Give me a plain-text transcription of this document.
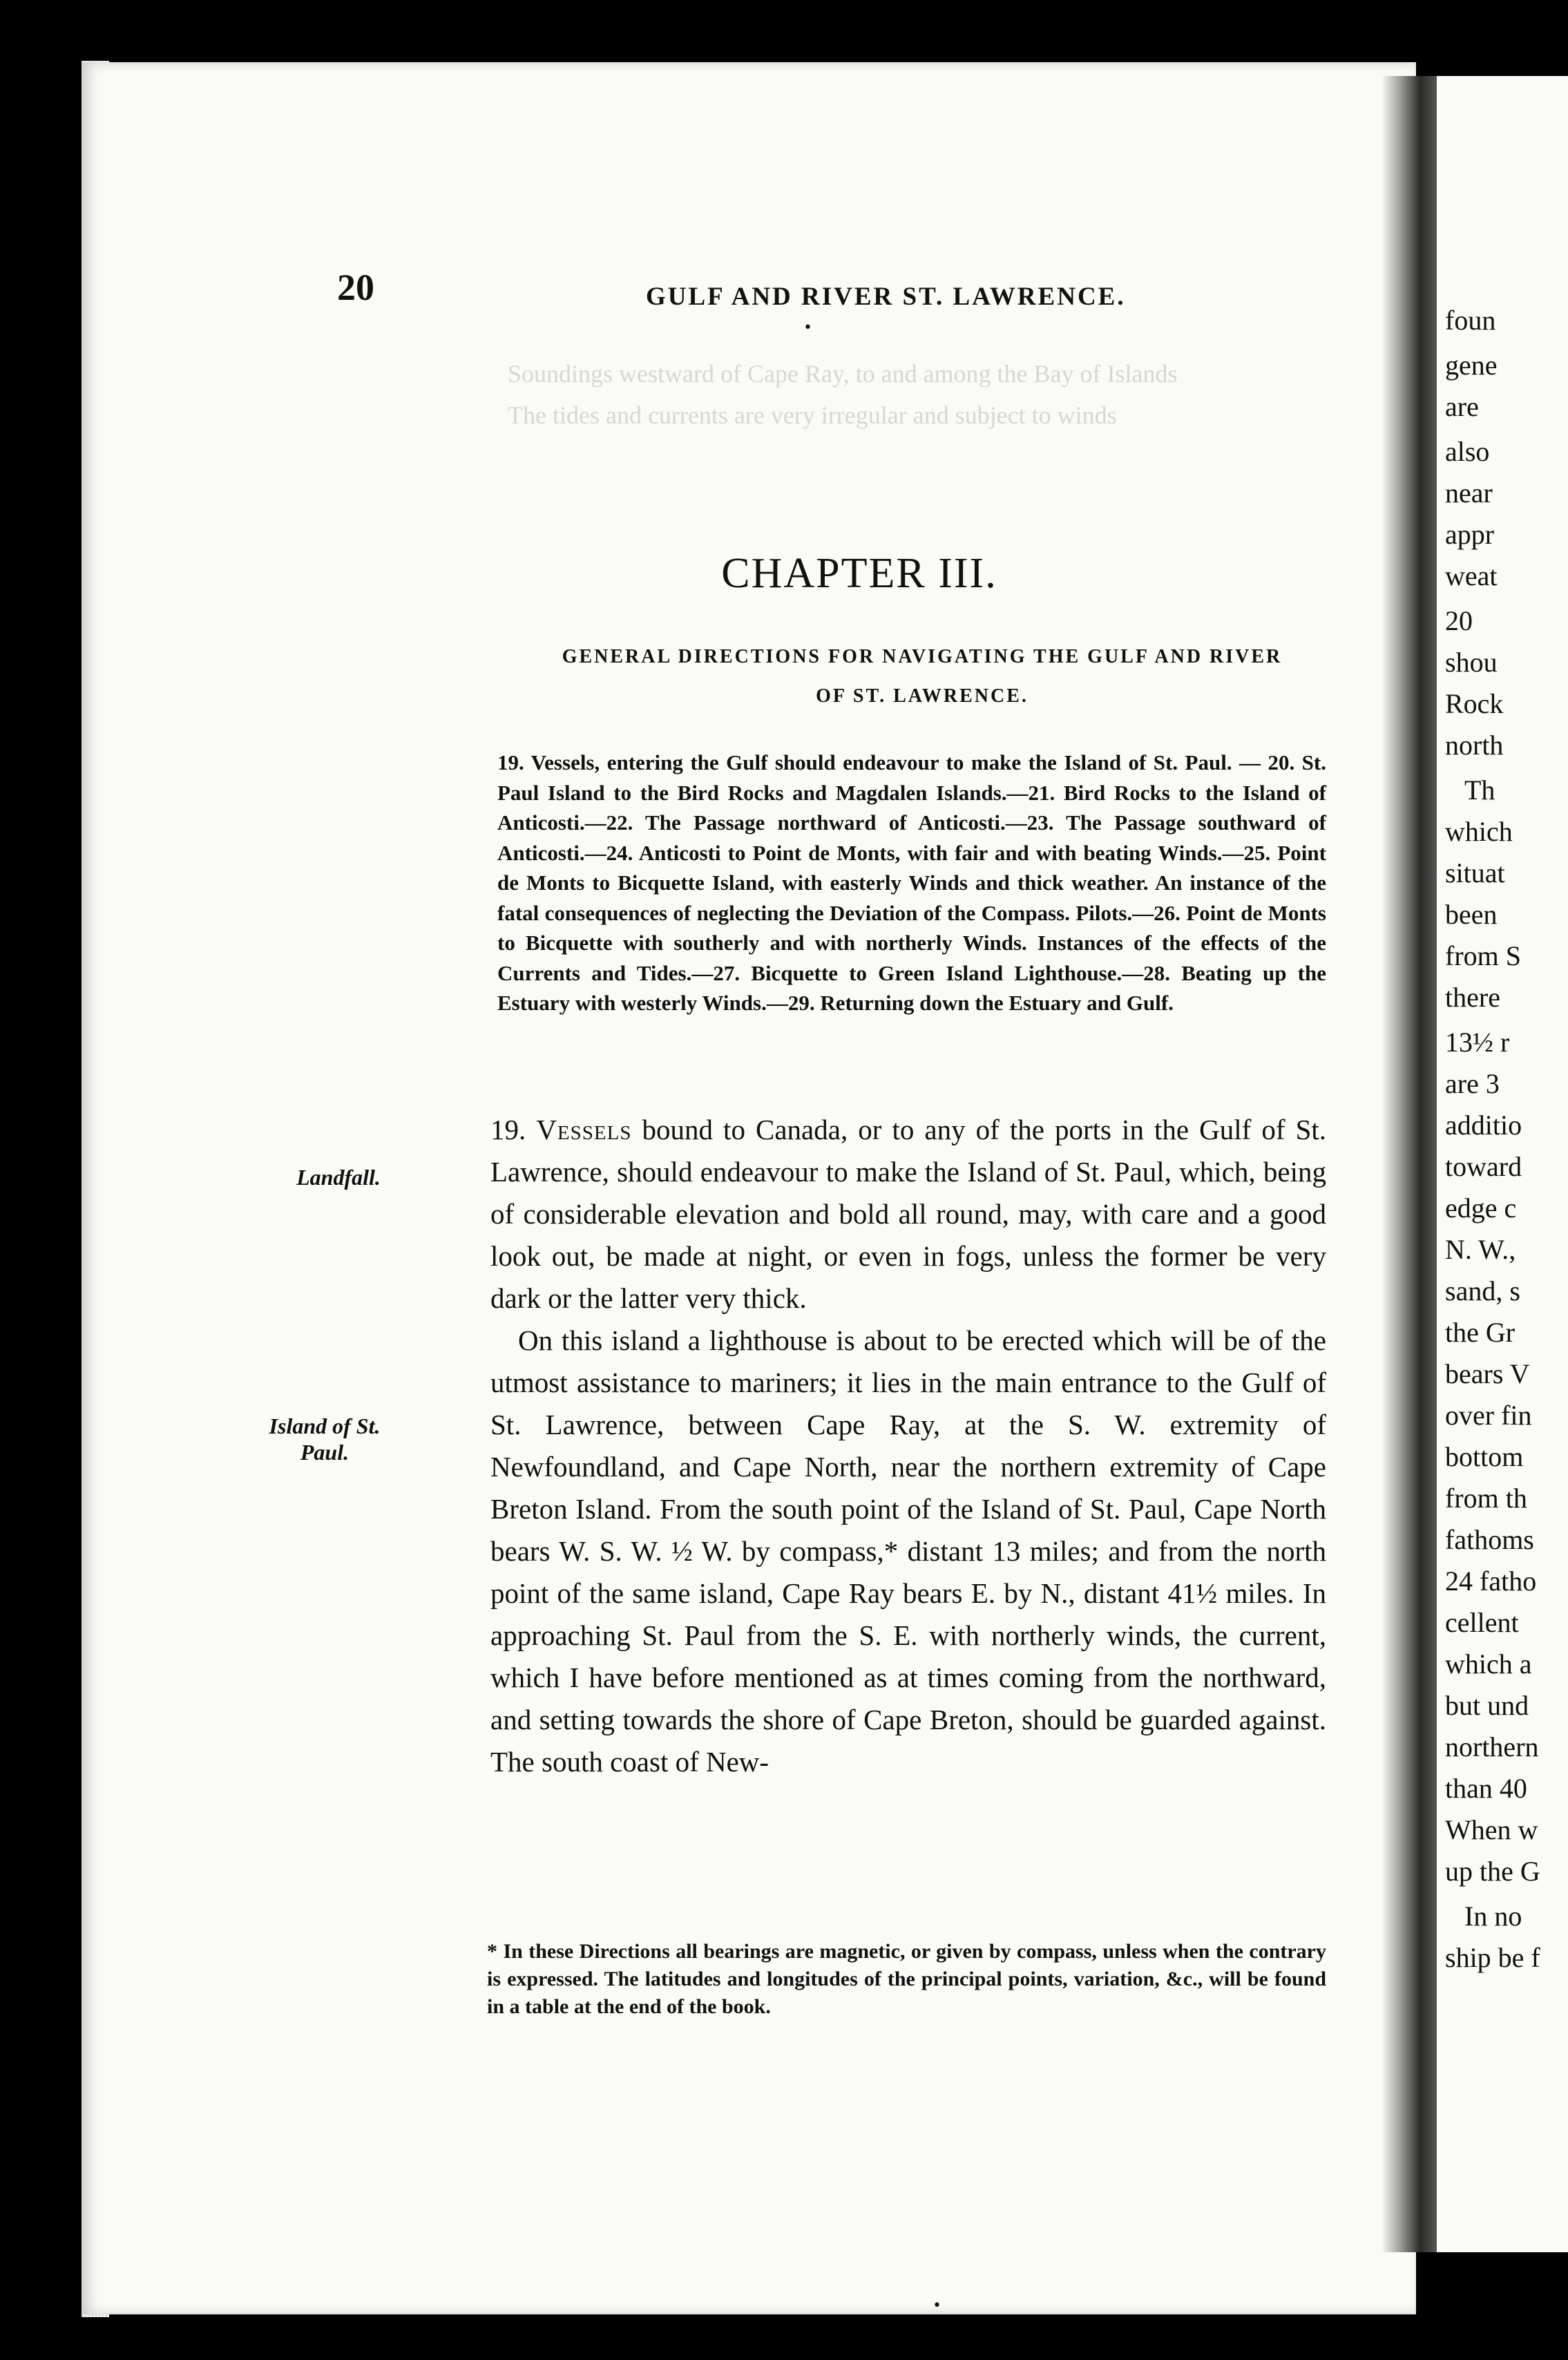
foun
gene
are
also
near
appr
weat
20
shou
Rock
north
Th
which
situat
been
from S
there
13½ r
are 3
additio
toward
edge c
N. W.,
sand, s
the Gr
bears V
over fin
bottom
from th
fathoms
24 fatho
cellent
which a
but und
northern
than 40
When w
up the G
In no
ship be f
Soundings westward of Cape Ray, to and among the Bay of Islands
The tides and currents are very irregular and subject to winds
20	GULF AND RIVER ST. LAWRENCE.
•
CHAPTER III.
GENERAL DIRECTIONS FOR NAVIGATING THE GULF AND RIVER
OF ST. LAWRENCE.
19. Vessels, entering the Gulf should endeavour to make the Island of St. Paul. — 20. St. Paul Island to the Bird Rocks and Magdalen Islands.—21. Bird Rocks to the Island of Anticosti.—22. The Passage northward of Anticosti.—23. The Passage southward of Anticosti.—24. Anticosti to Point de Monts, with fair and with beating Winds.—25. Point de Monts to Bicquette Island, with easterly Winds and thick weather. An instance of the fatal consequences of neglecting the Deviation of the Compass. Pilots.—26. Point de Monts to Bicquette with southerly and with northerly Winds. Instances of the effects of the Currents and Tides.—27. Bicquette to Green Island Lighthouse.—28. Beating up the Estuary with westerly Winds.—29. Returning down the Estuary and Gulf.
Landfall.
Island of St. Paul.

19. Vessels bound to Canada, or to any of the ports in the Gulf of St. Lawrence, should endeavour to make the Island of St. Paul, which, being of considerable elevation and bold all round, may, with care and a good look out, be made at night, or even in fogs, unless the former be very dark or the latter very thick.

On this island a lighthouse is about to be erected which will be of the utmost assistance to mariners; it lies in the main entrance to the Gulf of St. Lawrence, between Cape Ray, at the S. W. extremity of Newfoundland, and Cape North, near the northern extremity of Cape Breton Island. From the south point of the Island of St. Paul, Cape North bears W. S. W. ½ W. by compass,* distant 13 miles; and from the north point of the same island, Cape Ray bears E. by N., distant 41½ miles. In approaching St. Paul from the S. E. with northerly winds, the current, which I have before mentioned as at times coming from the northward, and setting towards the shore of Cape Breton, should be guarded against. The south coast of New-

* In these Directions all bearings are magnetic, or given by compass, unless when the contrary is expressed. The latitudes and longitudes of the principal points, variation, &c., will be found in a table at the end of the book.
•
